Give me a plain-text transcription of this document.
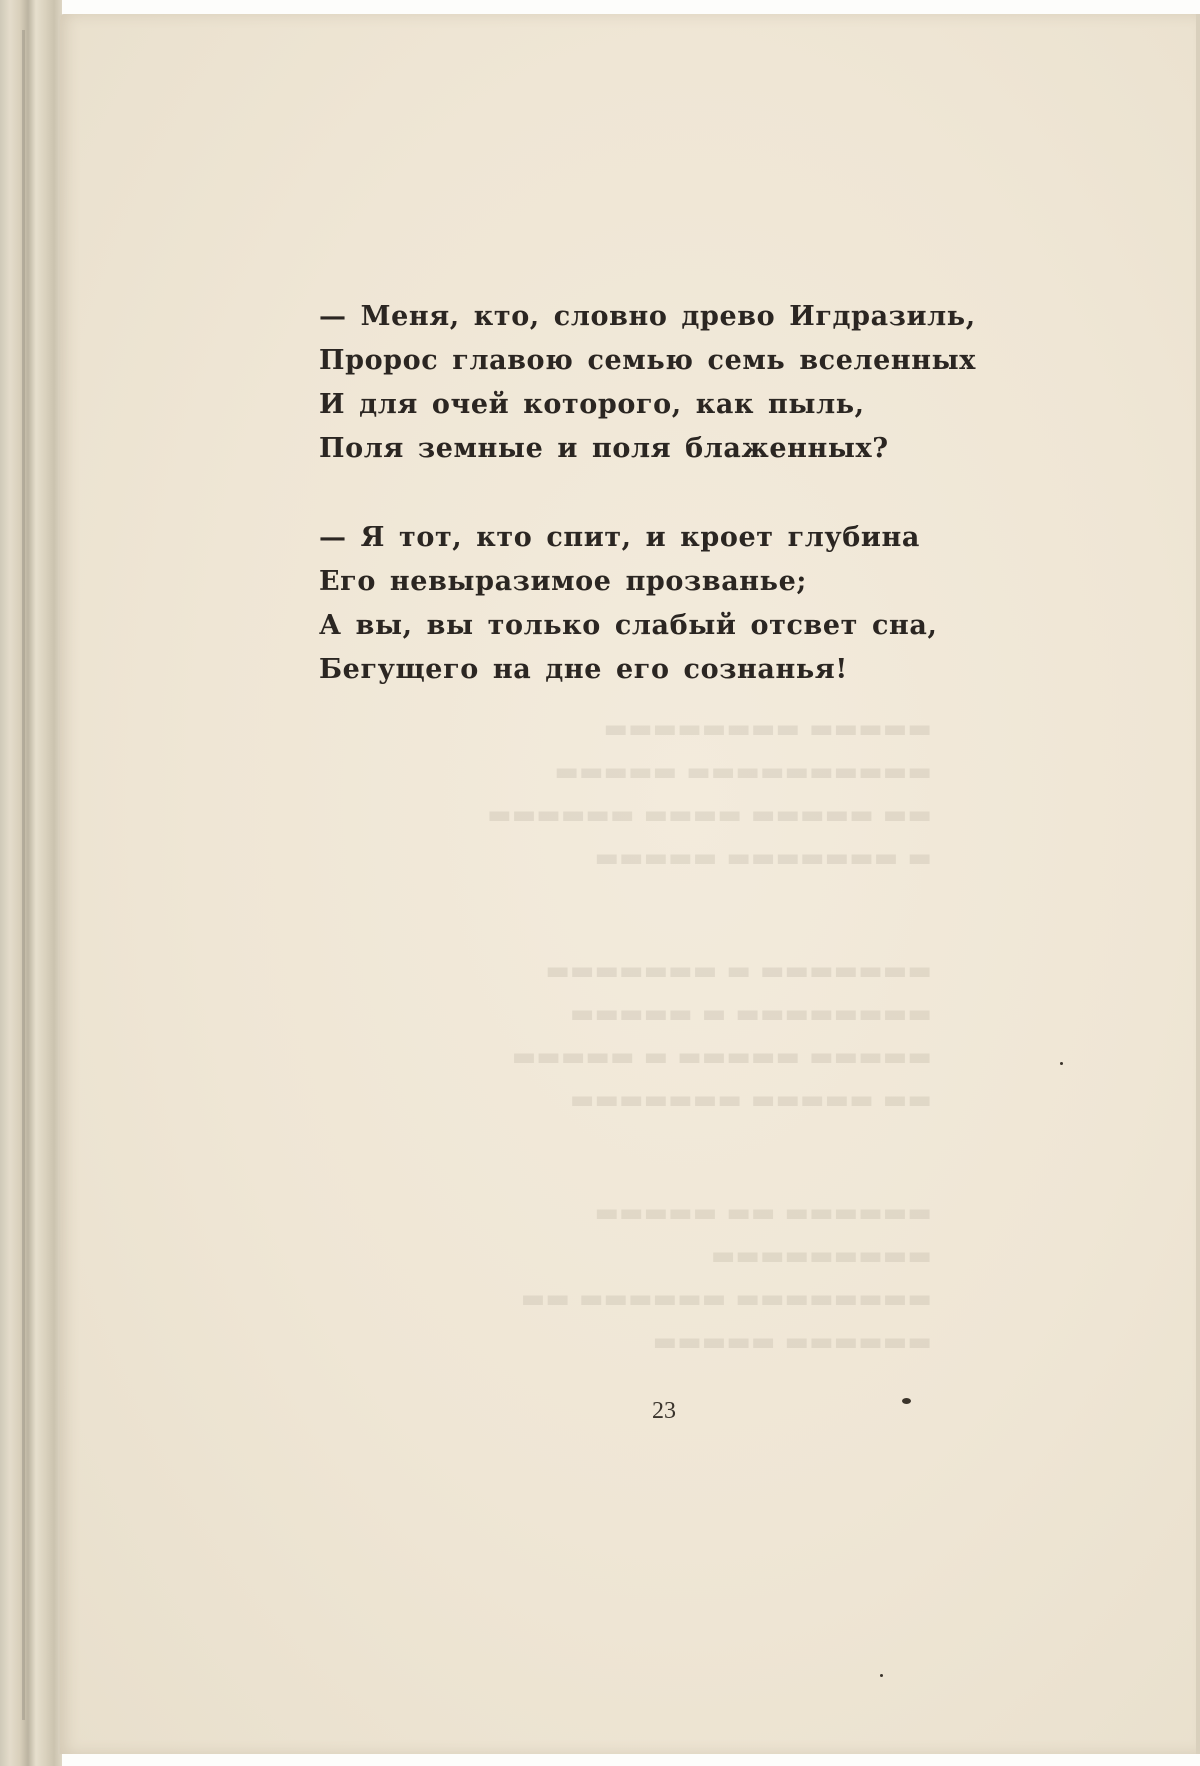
▬▬▬▬▬ ▬▬▬▬▬▬▬▬
▬▬▬▬▬▬▬▬▬▬ ▬▬▬▬▬
▬▬ ▬▬▬▬▬ ▬▬▬▬ ▬▬▬▬▬▬
▬ ▬▬▬▬▬▬▬ ▬▬▬▬▬
▬▬▬▬▬▬▬ ▬ ▬▬▬▬▬▬▬
▬▬▬▬▬▬▬▬ ▬ ▬▬▬▬▬
▬▬▬▬▬ ▬▬▬▬▬ ▬ ▬▬▬▬▬
▬▬ ▬▬▬▬▬ ▬▬▬▬▬▬▬
▬▬▬▬▬▬ ▬▬ ▬▬▬▬▬
▬▬▬▬▬▬▬▬▬
▬▬▬▬▬▬▬▬ ▬▬▬▬▬▬ ▬▬
▬▬▬▬▬▬ ▬▬▬▬▬
— Меня, кто, словно древо Игдразиль,
Пророс главою семью семь вселенных
И для очей которого, как пыль,
Поля земные и поля блаженных?
— Я тот, кто спит, и кроет глубина
Его невыразимое прозванье;
А вы, вы только слабый отсвет сна,
Бегущего на дне его сознанья!
23
